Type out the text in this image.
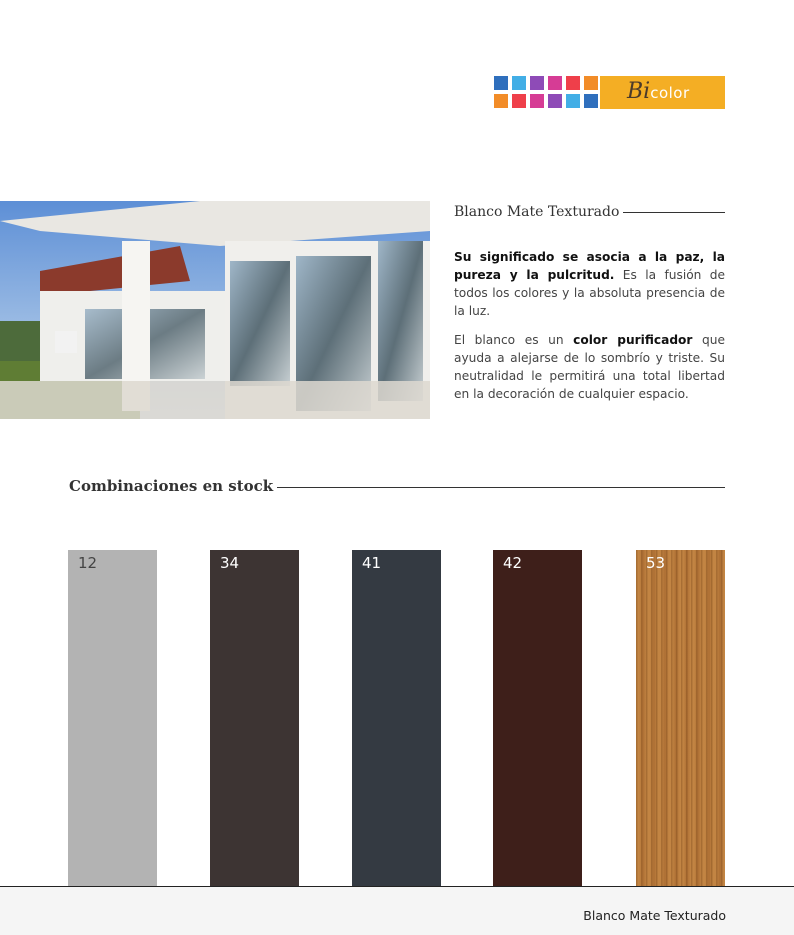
Bicolor
Blanco Mate Texturado
Su significado se asocia a la paz, la pureza y la pulcritud. Es la fusión de todos los colores y la absoluta presencia de la luz.
El blanco es un color purificador que ayuda a alejarse de lo sombrío y triste. Su neutralidad le permitirá una total libertad en la decoración de cualquier espacio.
Combinaciones en stock
12	34	41	42	53
Blanco Mate Texturado
